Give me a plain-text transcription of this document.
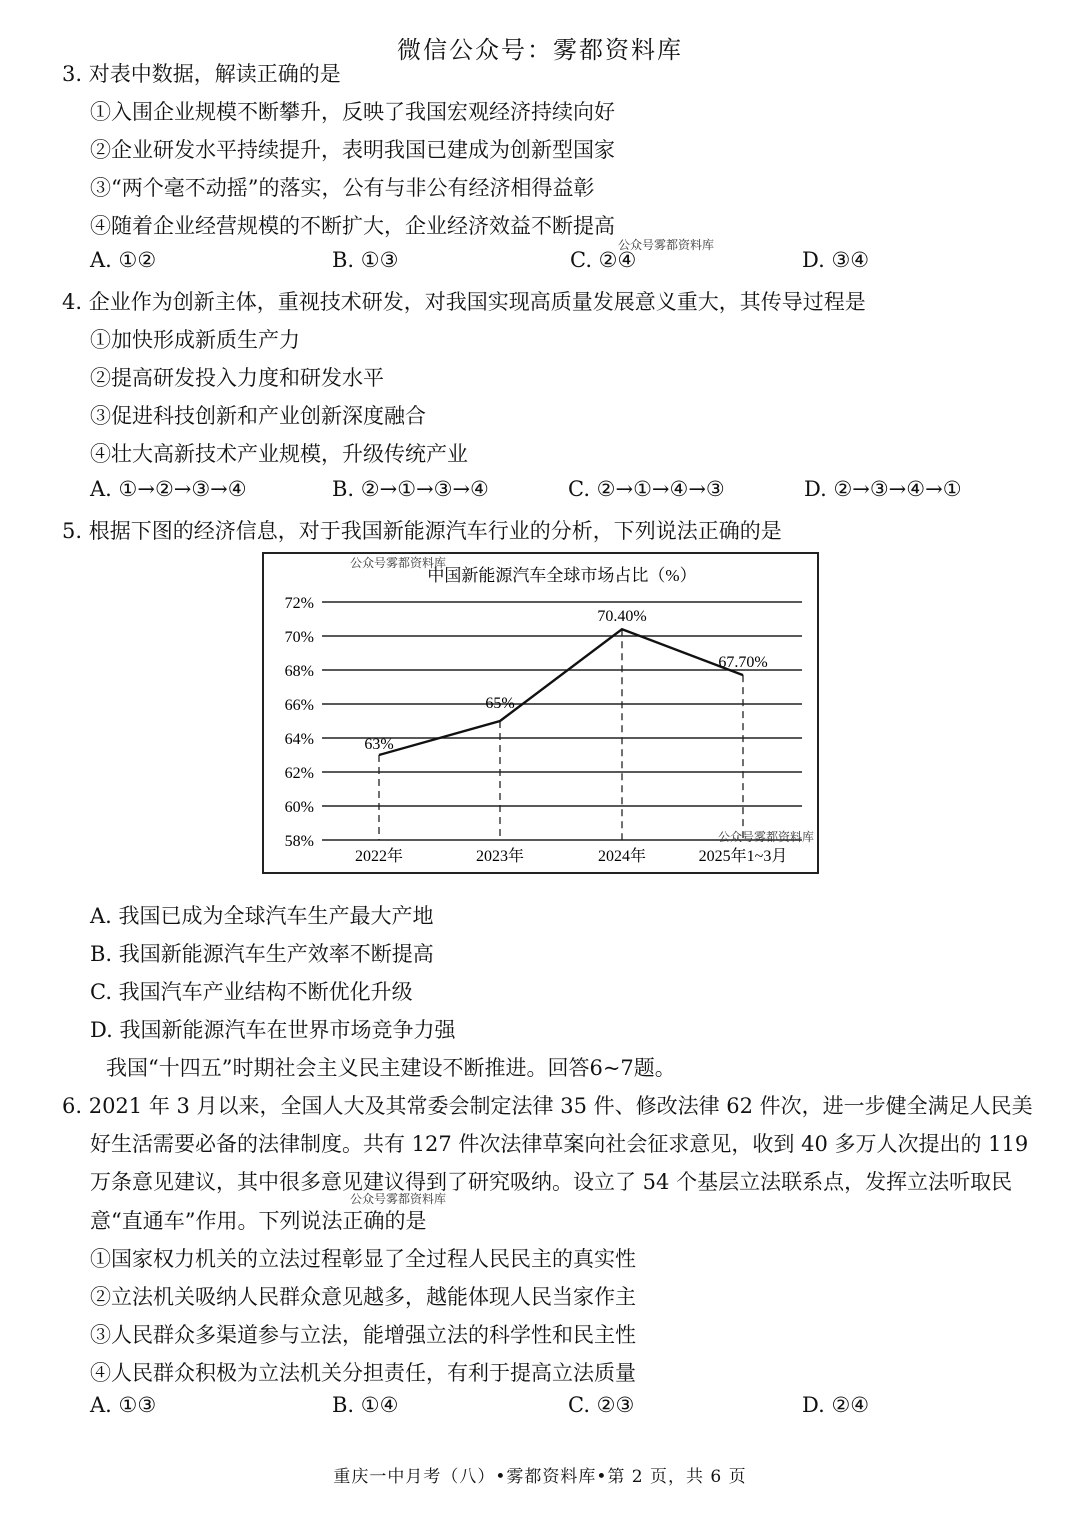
微信公众号：雾都资料库
3. 对表中数据，解读正确的是
①入围企业规模不断攀升，反映了我国宏观经济持续向好
②企业研发水平持续提升，表明我国已建成为创新型国家
③“两个毫不动摇”的落实，公有与非公有经济相得益彰
④随着企业经营规模的不断扩大，企业经济效益不断提高
A. ①②	B. ①③	C. ②④	D. ③④
公众号雾都资料库
4. 企业作为创新主体，重视技术研发，对我国实现高质量发展意义重大，其传导过程是
①加快形成新质生产力
②提高研发投入力度和研发水平
③促进科技创新和产业创新深度融合
④壮大高新技术产业规模，升级传统产业
A. ①→②→③→④	B. ②→①→③→④	C. ②→①→④→③	D. ②→③→④→①
5. 根据下图的经济信息，对于我国新能源汽车行业的分析，下列说法正确的是
中国新能源汽车全球市场占比（%）
72%
70%
68%
66%
64%
62%
60%
58%
63%
65%
70.40%
67.70%
2022年	2023年	2024年	2025年1~3月
公众号雾都资料库
公众号雾都资料库
A. 我国已成为全球汽车生产最大产地
B. 我国新能源汽车生产效率不断提高
C. 我国汽车产业结构不断优化升级
D. 我国新能源汽车在世界市场竞争力强
我国“十四五”时期社会主义民主建设不断推进。回答6~7题。
6. 2021 年 3 月以来，全国人大及其常委会制定法律 35 件、修改法律 62 件次，进一步健全满足人民美
好生活需要必备的法律制度。共有 127 件次法律草案向社会征求意见，收到 40 多万人次提出的 119
万条意见建议，其中很多意见建议得到了研究吸纳。设立了 54 个基层立法联系点，发挥立法听取民
意“直通车”作用。下列说法正确的是
公众号雾都资料库
①国家权力机关的立法过程彰显了全过程人民民主的真实性
②立法机关吸纳人民群众意见越多，越能体现人民当家作主
③人民群众多渠道参与立法，能增强立法的科学性和民主性
④人民群众积极为立法机关分担责任，有利于提高立法质量
A. ①③	B. ①④	C. ②③	D. ②④
重庆一中月考（八）•雾都资料库•第 2 页，共 6 页
